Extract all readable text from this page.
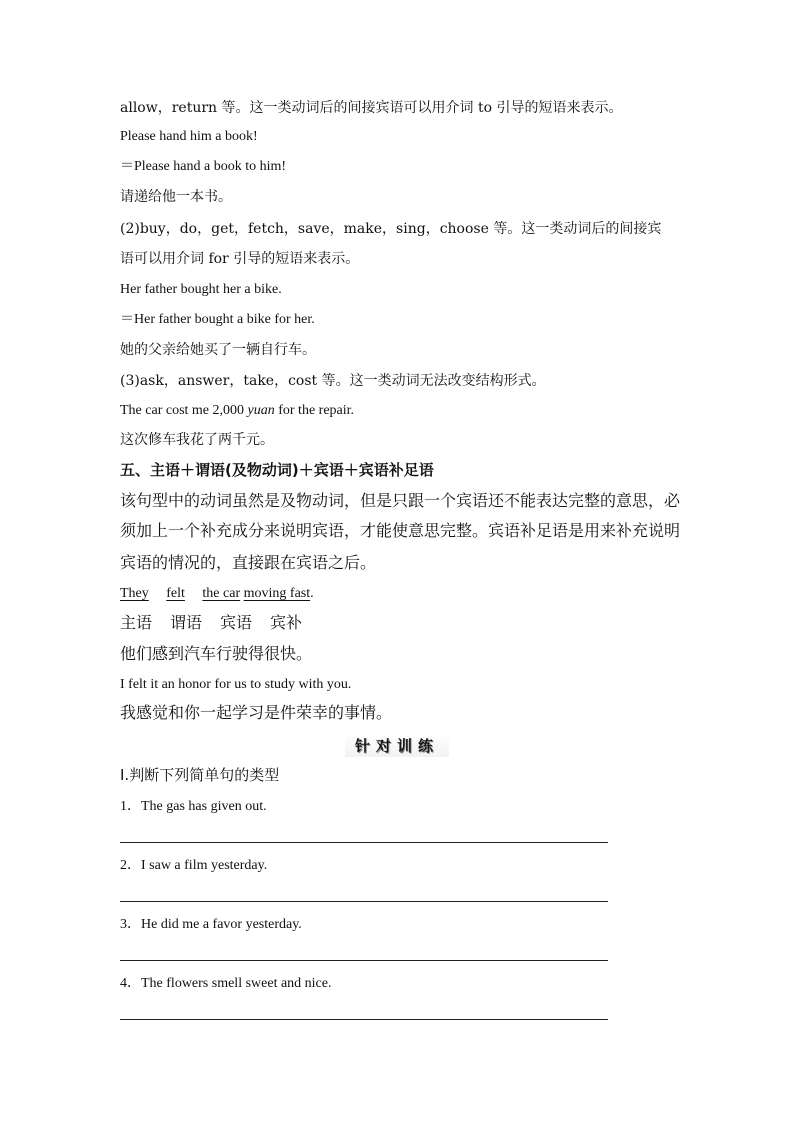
allow，return 等。这一类动词后的间接宾语可以用介词 to 引导的短语来表示。
Please hand him a book!
＝Please hand a book to him!
请递给他一本书。
(2)buy，do，get，fetch，save，make，sing，choose 等。这一类动词后的间接宾
语可以用介词 for 引导的短语来表示。
Her father bought her a bike.
＝Her father bought a bike for her.
她的父亲给她买了一辆自行车。
(3)ask，answer，take，cost 等。这一类动词无法改变结构形式。
The car cost me 2,000 yuan for the repair.
这次修车我花了两千元。
五、主语＋谓语(及物动词)＋宾语＋宾语补足语
该句型中的动词虽然是及物动词，但是只跟一个宾语还不能表达完整的意思，必
须加上一个补充成分来说明宾语，才能使意思完整。宾语补足语是用来补充说明
宾语的情况的，直接跟在宾语之后。
They felt the car moving fast.
主语 谓语 宾语 宾补
他们感到汽车行驶得很快。
I felt it an honor for us to study with you.
我感觉和你一起学习是件荣幸的事情。
针对训练
Ⅰ.判断下列简单句的类型
1．The gas has given out.
2．I saw a film yesterday.
3．He did me a favor yesterday.
4．The flowers smell sweet and nice.
